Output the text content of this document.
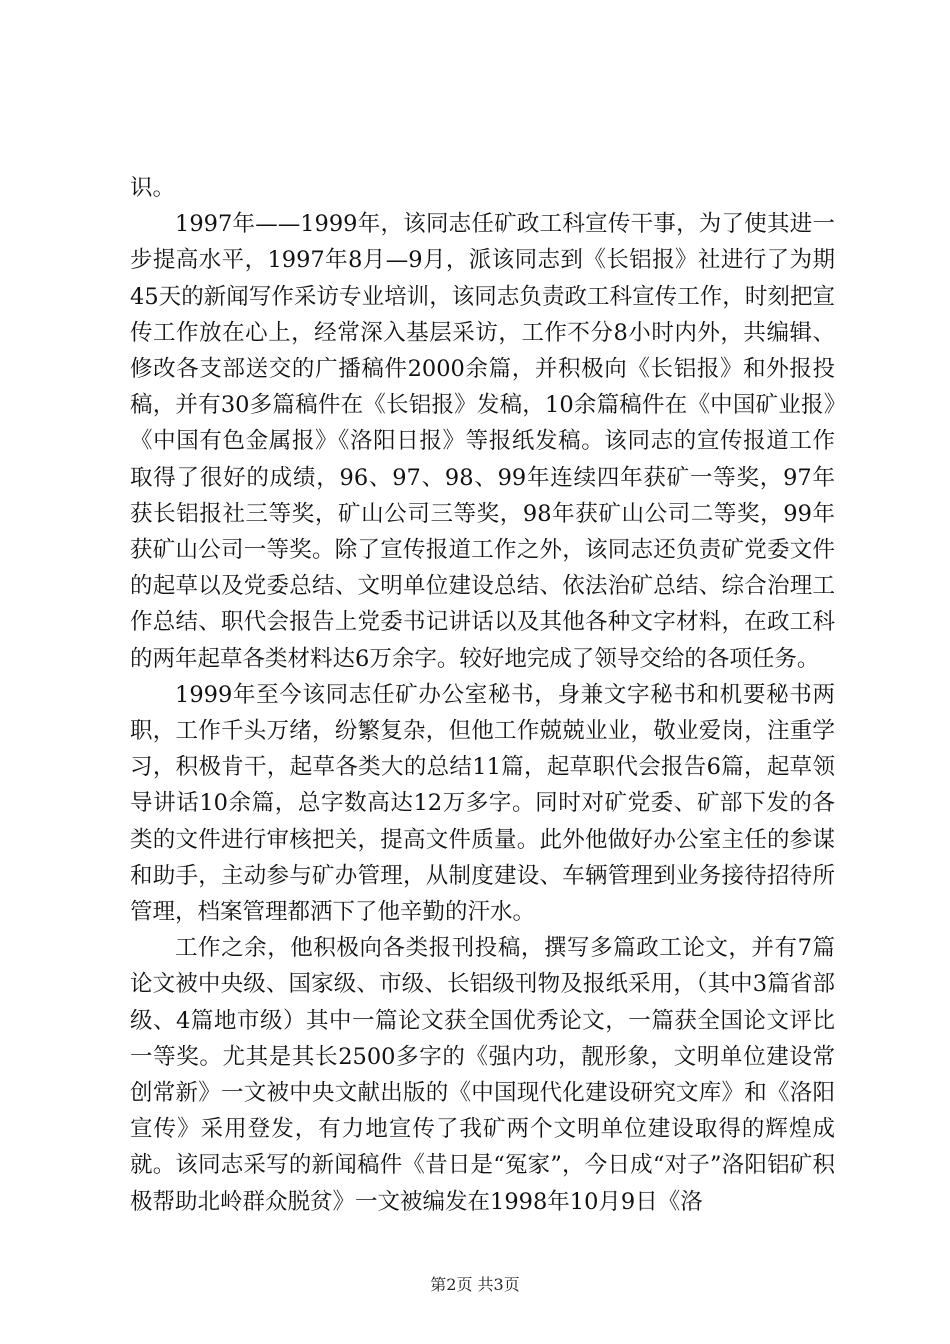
识。

1997年——1999年，该同志任矿政工科宣传干事，为了使其进一步提高水平，1997年8月—9月，派该同志到《长铝报》社进行了为期45天的新闻写作采访专业培训，该同志负责政工科宣传工作，时刻把宣传工作放在心上，经常深入基层采访，工作不分8小时内外，共编辑、修改各支部送交的广播稿件2000余篇，并积极向《长铝报》和外报投稿，并有30多篇稿件在《长铝报》发稿，10余篇稿件在《中国矿业报》《中国有色金属报》《洛阳日报》等报纸发稿。该同志的宣传报道工作取得了很好的成绩，96、97、98、99年连续四年获矿一等奖，97年获长铝报社三等奖，矿山公司三等奖，98年获矿山公司二等奖，99年获矿山公司一等奖。除了宣传报道工作之外，该同志还负责矿党委文件的起草以及党委总结、文明单位建设总结、依法治矿总结、综合治理工作总结、职代会报告上党委书记讲话以及其他各种文字材料，在政工科的两年起草各类材料达6万余字。较好地完成了领导交给的各项任务。

1999年至今该同志任矿办公室秘书，身兼文字秘书和机要秘书两职，工作千头万绪，纷繁复杂，但他工作兢兢业业，敬业爱岗，注重学习，积极肯干，起草各类大的总结11篇，起草职代会报告6篇，起草领导讲话10余篇，总字数高达12万多字。同时对矿党委、矿部下发的各类的文件进行审核把关，提高文件质量。此外他做好办公室主任的参谋和助手，主动参与矿办管理，从制度建设、车辆管理到业务接待招待所管理，档案管理都洒下了他辛勤的汗水。

工作之余，他积极向各类报刊投稿，撰写多篇政工论文，并有7篇论文被中央级、国家级、市级、长铝级刊物及报纸采用，（其中3篇省部级、4篇地市级）其中一篇论文获全国优秀论文，一篇获全国论文评比一等奖。尤其是其长2500多字的《强内功，靓形象，文明单位建设常创常新》一文被中央文献出版的《中国现代化建设研究文库》和《洛阳宣传》采用登发，有力地宣传了我矿两个文明单位建设取得的辉煌成就。该同志采写的新闻稿件《昔日是“冤家”，今日成“对子”洛阳铝矿积极帮助北岭群众脱贫》一文被编发在1998年10月9日《洛

第2页 共3页
